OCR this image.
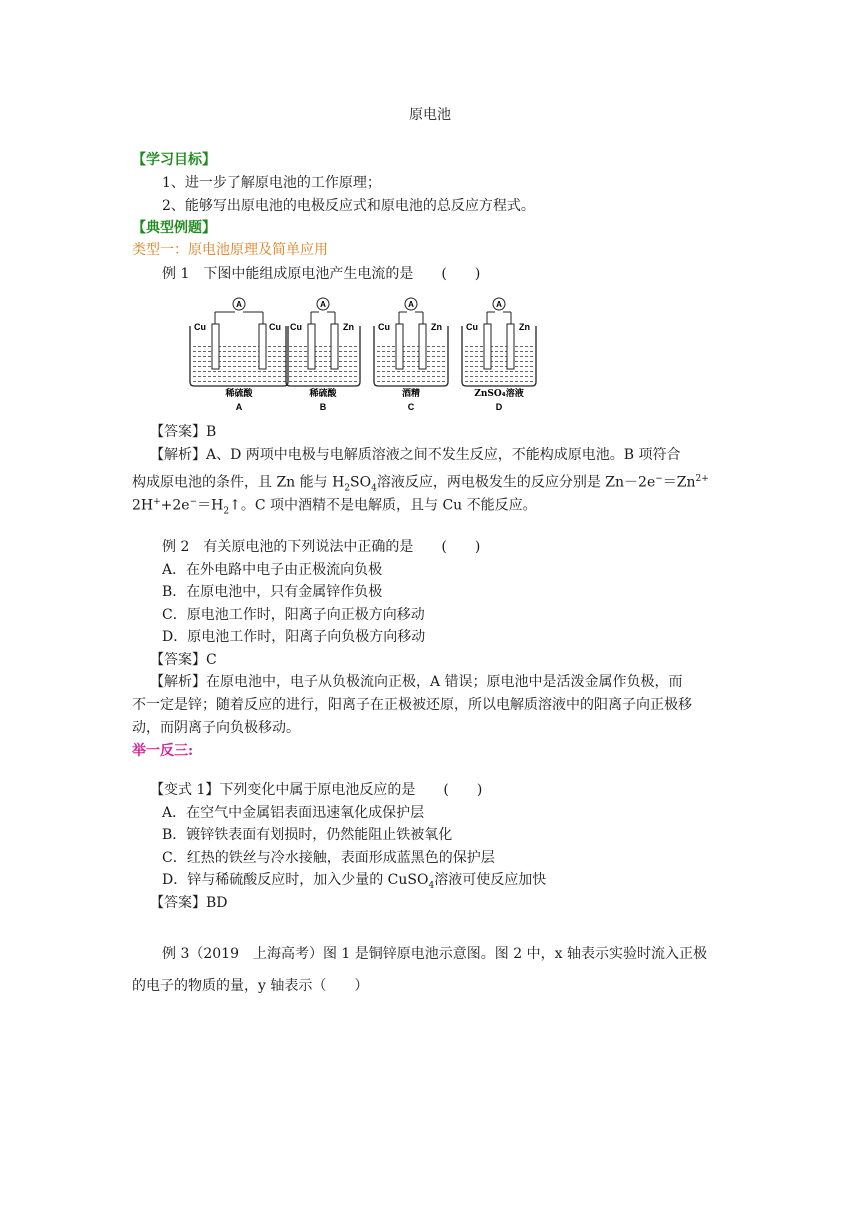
原电池
【学习目标】
1、进一步了解原电池的工作原理；
2、能够写出原电池的电极反应式和原电池的总反应方程式。
【典型例题】
类型一：原电池原理及简单应用
例 1　下图中能组成原电池产生电流的是　　(　　)
A
Cu	Cu
稀硫酸
A
A
Cu	Zn
稀硫酸
B
A
Cu	Zn
酒精
C
A
Cu	Zn
ZnSO₄溶液
D
【答案】B
【解析】A、D 两项中电极与电解质溶液之间不发生反应，不能构成原电池。B 项符合
构成原电池的条件，且 Zn 能与 $H_2SO_4$溶液反应，两电极发生的反应分别是 $Zn-2e^-=Zn^{2+}$
$2H^++2e^-=H_2↑$。C 项中酒精不是电解质，且与 Cu 不能反应。
例 2　有关原电池的下列说法中正确的是　　(　　)
A．在外电路中电子由正极流向负极
B．在原电池中，只有金属锌作负极
C．原电池工作时，阳离子向正极方向移动
D．原电池工作时，阳离子向负极方向移动
【答案】C
【解析】在原电池中，电子从负极流向正极，A 错误；原电池中是活泼金属作负极，而
不一定是锌；随着反应的进行，阳离子在正极被还原，所以电解质溶液中的阳离子向正极移
动，而阴离子向负极移动。
举一反三:
【变式 1】下列变化中属于原电池反应的是　　(　　)
A．在空气中金属铝表面迅速氧化成保护层
B．镀锌铁表面有划损时，仍然能阻止铁被氧化
C．红热的铁丝与冷水接触，表面形成蓝黑色的保护层
D．锌与稀硫酸反应时，加入少量的 CuSO$_4$溶液可使反应加快
【答案】BD
例 3（2019　上海高考）图 1 是铜锌原电池示意图。图 2 中，x 轴表示实验时流入正极
的电子的物质的量，y 轴表示（　　）
